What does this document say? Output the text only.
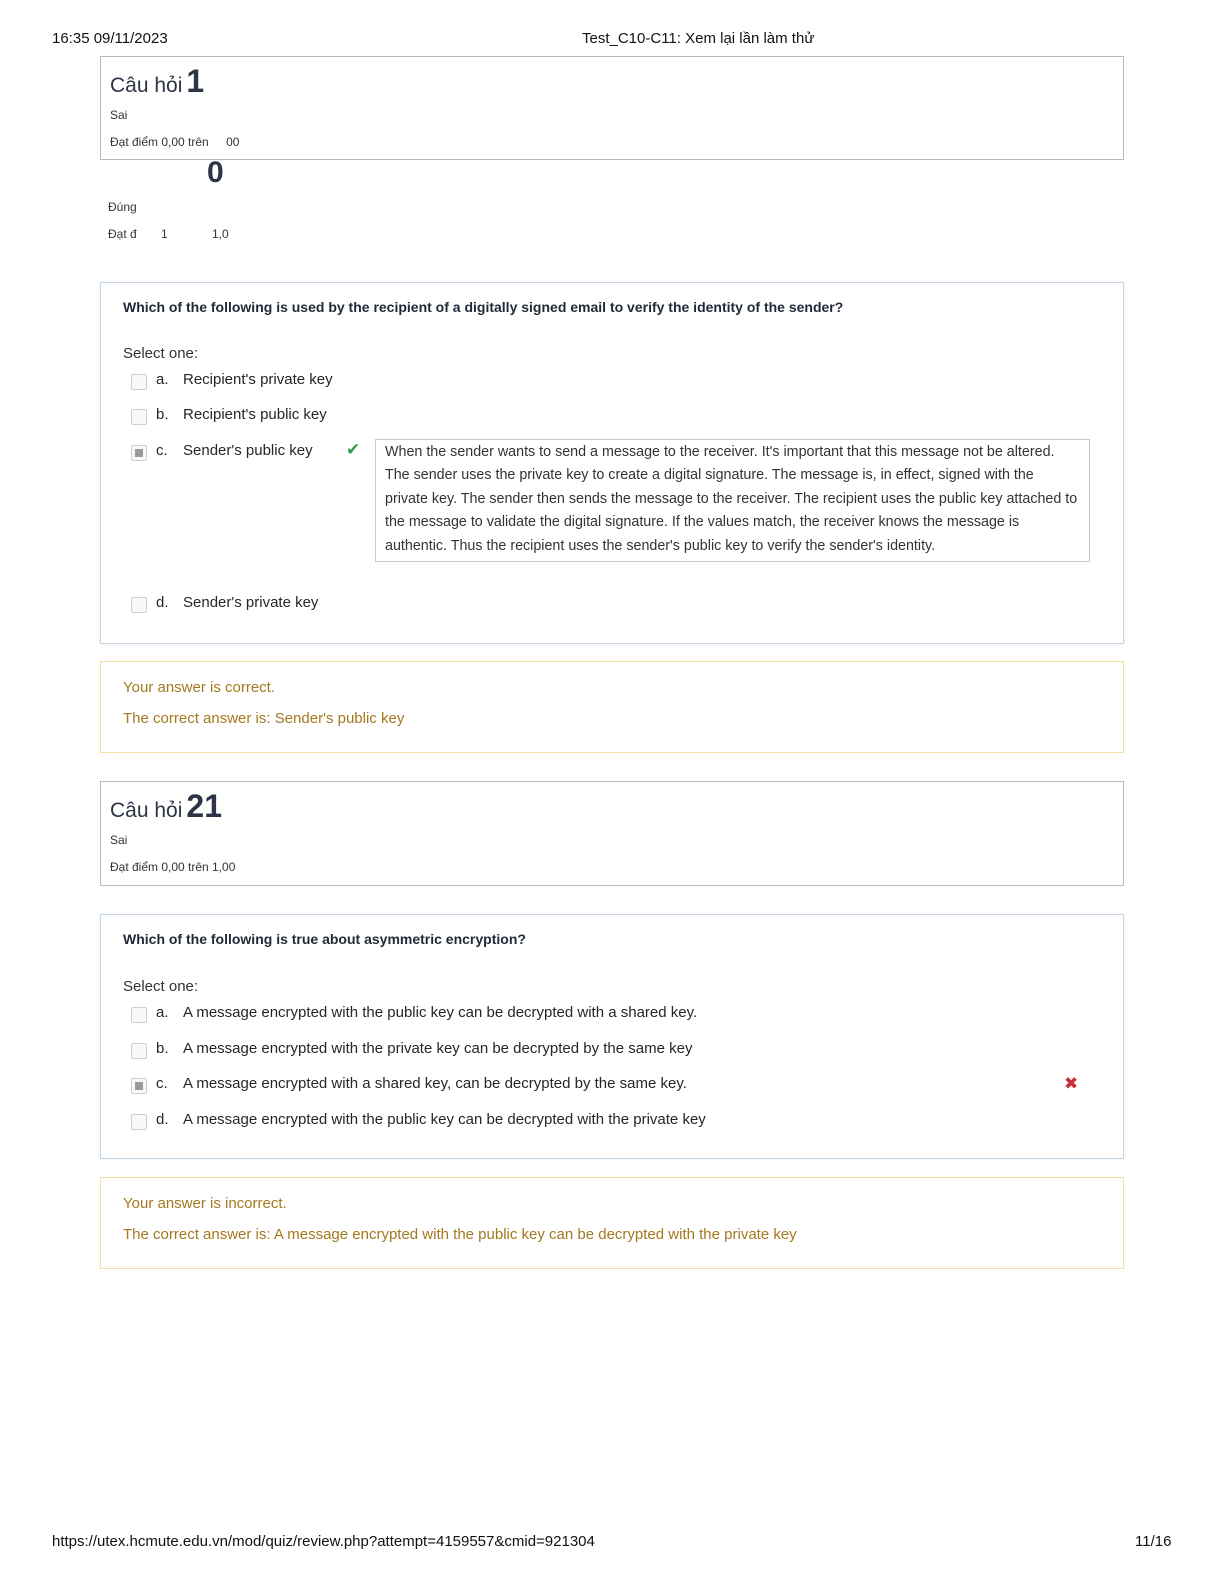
16:35 09/11/2023	Test_C10-C11: Xem lại lần làm thử
Câu hỏi 1
Sai
Đạt điểm 0,00 trên 00
0
Đúng
Đạt đ 1	1,0
Which of the following is used by the recipient of a digitally signed email to verify the identity of the sender?
Select one:
a. Recipient's private key
b. Recipient's public key
c. Sender's public key
d. Sender's private key
✔	When the sender wants to send a message to the receiver. It's important that this message not be altered. The sender uses the private key to create a digital signature. The message is, in effect, signed with the private key. The sender then sends the message to the receiver. The recipient uses the public key attached to the message to validate the digital signature. If the values match, the receiver knows the message is authentic. Thus the recipient uses the sender's public key to verify the sender's identity.
Your answer is correct.
The correct answer is: Sender's public key
Câu hỏi 21
Sai
Đạt điểm 0,00 trên 1,00
Which of the following is true about asymmetric encryption?
Select one:
a. A message encrypted with the public key can be decrypted with a shared key.
b. A message encrypted with the private key can be decrypted by the same key
c. A message encrypted with a shared key, can be decrypted by the same key.
d. A message encrypted with the public key can be decrypted with the private key
✖
Your answer is incorrect.
The correct answer is: A message encrypted with the public key can be decrypted with the private key
https://utex.hcmute.edu.vn/mod/quiz/review.php?attempt=4159557&cmid=921304	11/16
